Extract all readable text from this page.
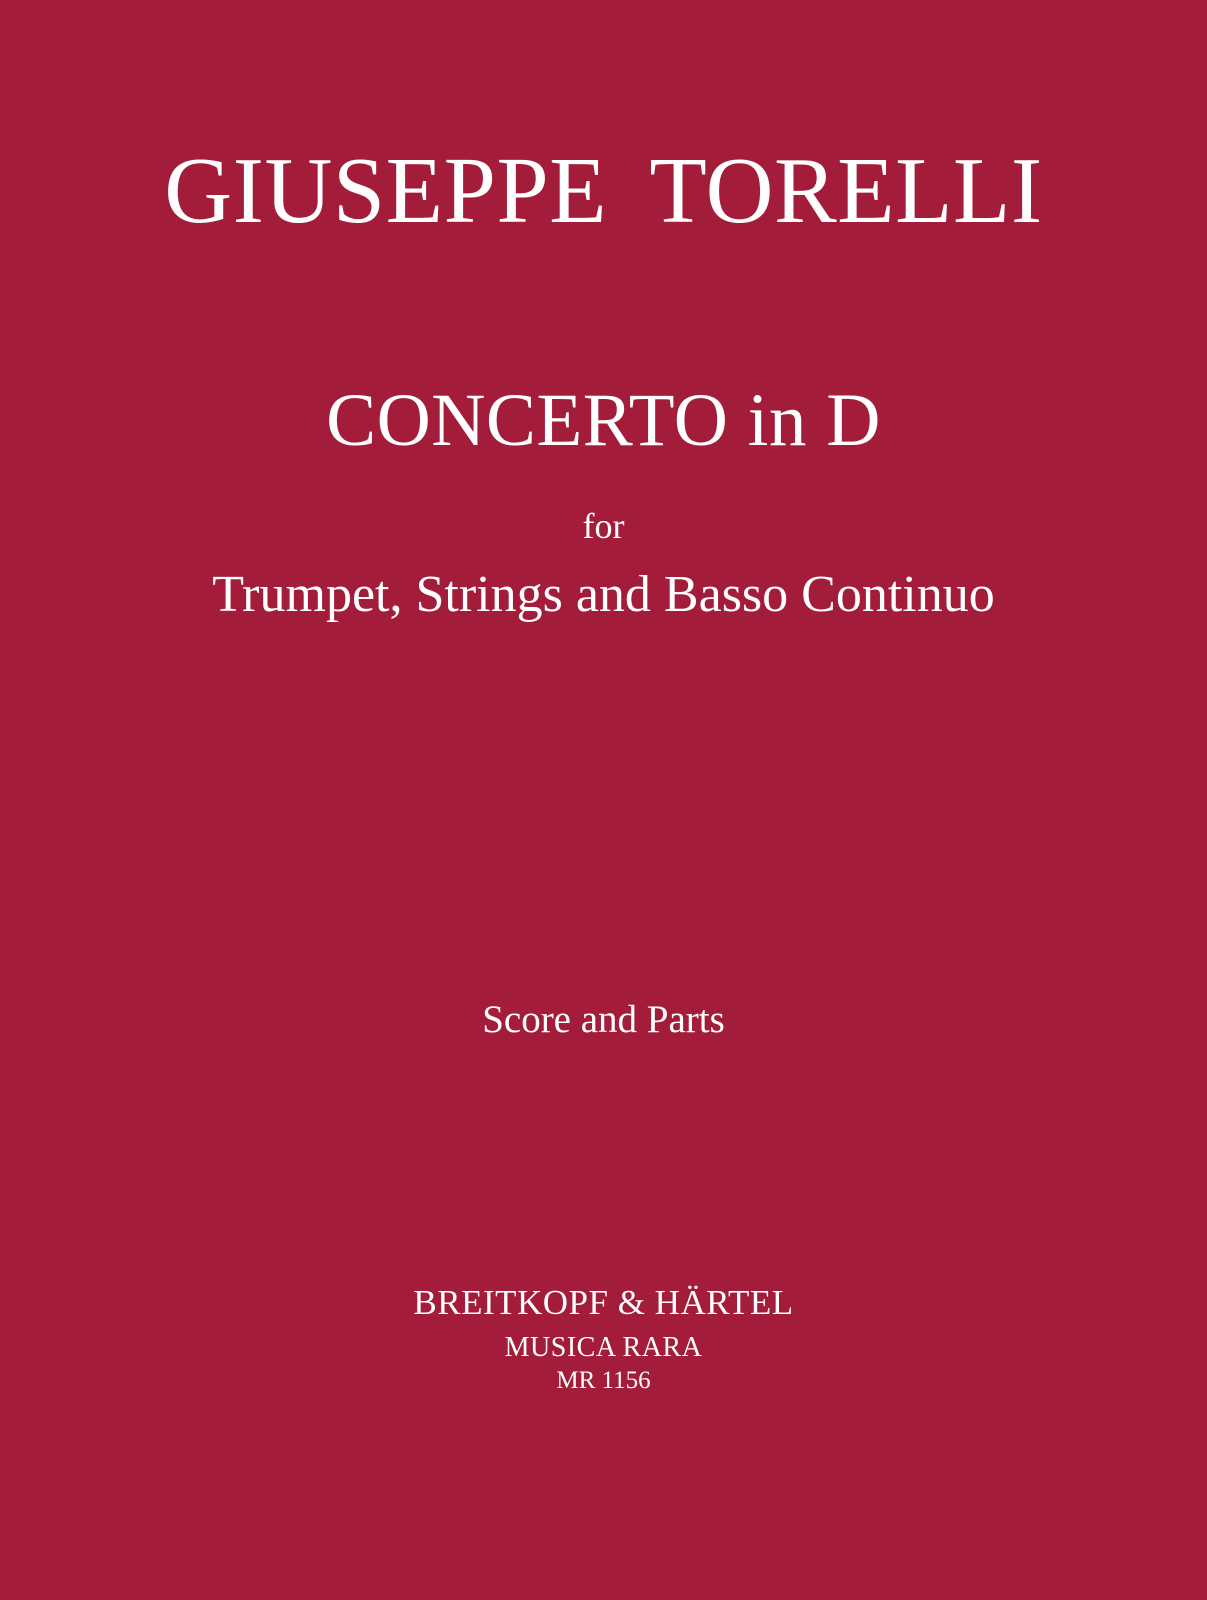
GIUSEPPE TORELLI
CONCERTO in D
for
Trumpet, Strings and Basso Continuo
Score and Parts
BREITKOPF & HÄRTEL
MUSICA RARA
MR 1156
